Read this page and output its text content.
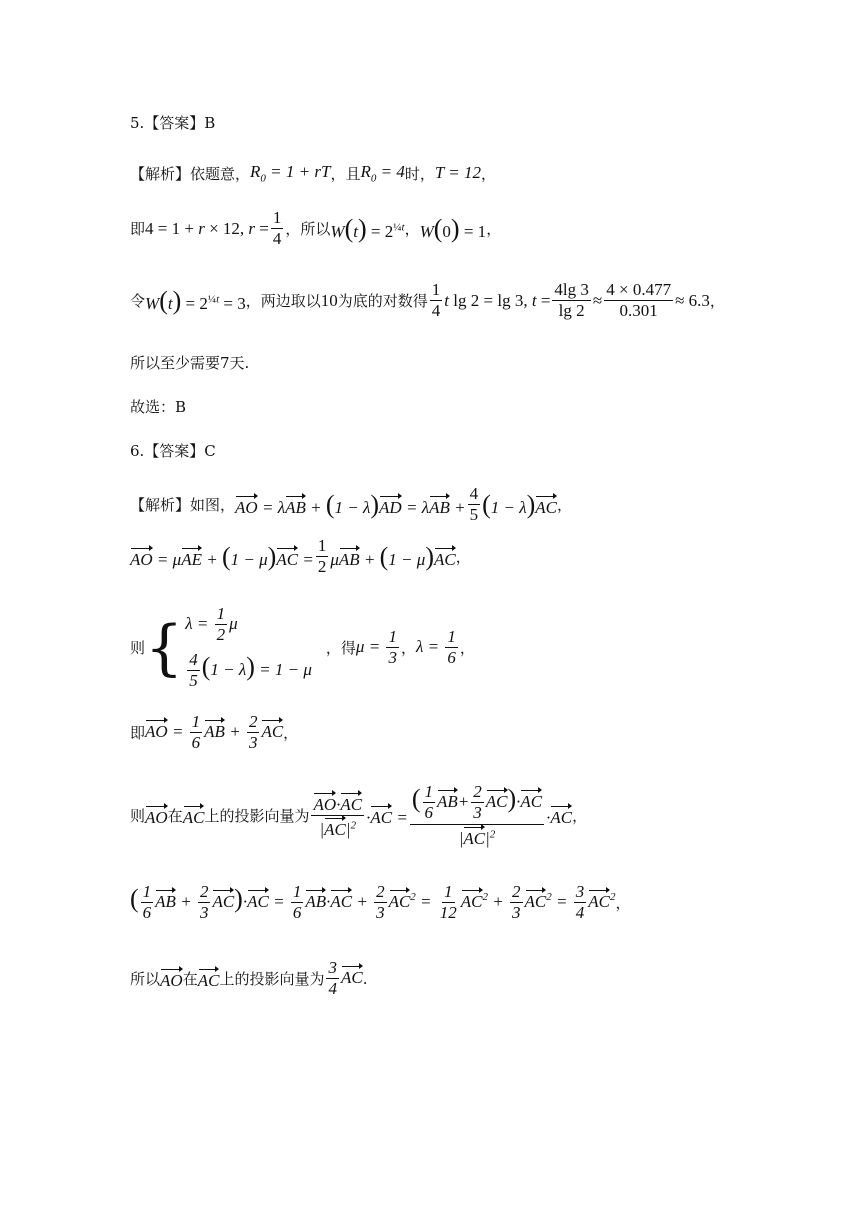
5.【答案】B
【解析】 依题意， $R_0 = 1$ + rT ，且 $R_0 = 4$ 时， T = 12 ，
即 4 = 1 + r × 12, $r = \frac{1}{4}$ ，所以 $W(t) = 2^{\frac{1}{4}t}$ ， W(0) = 1 ，
令 $W(t) = 2^{\frac{1}{4}t} = 3$ ，两边取以 10 为底的对数得 $\frac{1}{4}$ t lg 2 = lg 3, $t = \frac{4\lg 3}{\lg 2} \approx \frac{4 \times 0.477}{0.301} \approx 6.3$ ，
所以至少需要7天.
故选：B
6.【答案】C
【解析】 如图， AO = $\lambda AB + (1 - \lambda)AD = \lambda AB + \frac{4}{5} (1 - \lambda)AC$ ，
AO = $\mu AE + (1 - \mu)AC = \frac{1}{2}$ μAB + (1 − μ)AC ，
则 { $\lambda = \frac{1}{2}$ μ
$\frac{4}{5} (1 - \lambda) = 1 - \mu$
，得 $\mu = \frac{1}{3}$ ， $\lambda = \frac{1}{6}$ ，
即 AO = $\frac{1}{6}$ AB + $\frac{2}{3}$ AC ，
则 AO 在 AC 上的投影向量为 $\frac{AO\cdot AC}{|AC|^2} \cdot AC = \frac{( \frac{1}{6} AB+ \frac{2}{3} AC)\cdot AC}{|AC|^2} \cdot AC$ ，
( $\frac{1}{6}$ AB + $\frac{2}{3} AC)\cdot AC = \frac{1}{6} AB\cdot AC + \frac{2}{3} AC^2 = \frac{1}{12} AC^2 + \frac{2}{3} AC^2 = \frac{3}{4} AC^2$ ，
所以 AO 在 AC 上的投影向量为 $\frac{3}{4}$ AC .
